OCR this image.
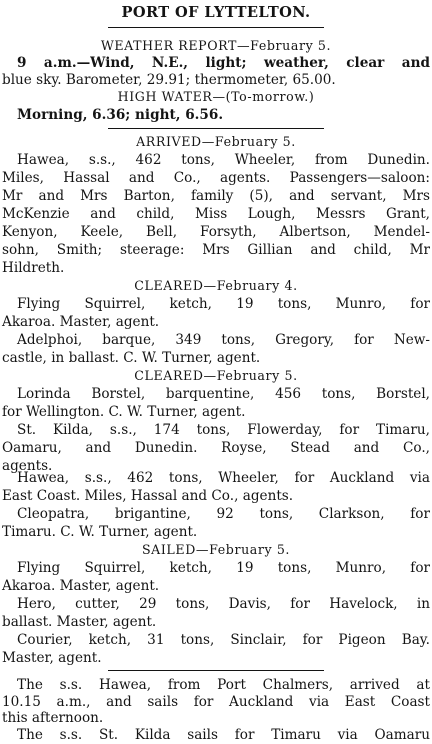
PORT OF LYTTELTON.
WEATHER REPORT—February 5.
9 a.m.—Wind, N.E., light; weather, clear and
blue sky. Barometer, 29.91; thermometer, 65.00.
HIGH WATER—(To-morrow.)
Morning, 6.36; night, 6.56.
ARRIVED—February 5.
Hawea, s.s., 462 tons, Wheeler, from Dunedin.
Miles, Hassal and Co., agents. Passengers—saloon:
Mr and Mrs Barton, family (5), and servant, Mrs
McKenzie and child, Miss Lough, Messrs Grant,
Kenyon, Keele, Bell, Forsyth, Albertson, Mendel-
sohn, Smith; steerage: Mrs Gillian and child, Mr
Hildreth.
CLEARED—February 4.
Flying Squirrel, ketch, 19 tons, Munro, for
Akaroa. Master, agent.
Adelphoi, barque, 349 tons, Gregory, for New-
castle, in ballast. C. W. Turner, agent.
CLEARED—February 5.
Lorinda Borstel, barquentine, 456 tons, Borstel,
for Wellington. C. W. Turner, agent.
St. Kilda, s.s., 174 tons, Flowerday, for Timaru,
Oamaru, and Dunedin. Royse, Stead and Co.,
agents.
Hawea, s.s., 462 tons, Wheeler, for Auckland via
East Coast. Miles, Hassal and Co., agents.
Cleopatra, brigantine, 92 tons, Clarkson, for
Timaru. C. W. Turner, agent.
SAILED—February 5.
Flying Squirrel, ketch, 19 tons, Munro, for
Akaroa. Master, agent.
Hero, cutter, 29 tons, Davis, for Havelock, in
ballast. Master, agent.
Courier, ketch, 31 tons, Sinclair, for Pigeon Bay.
Master, agent.
The s.s. Hawea, from Port Chalmers, arrived at
10.15 a.m., and sails for Auckland via East Coast
this afternoon.
The s.s. St. Kilda sails for Timaru via Oamaru
